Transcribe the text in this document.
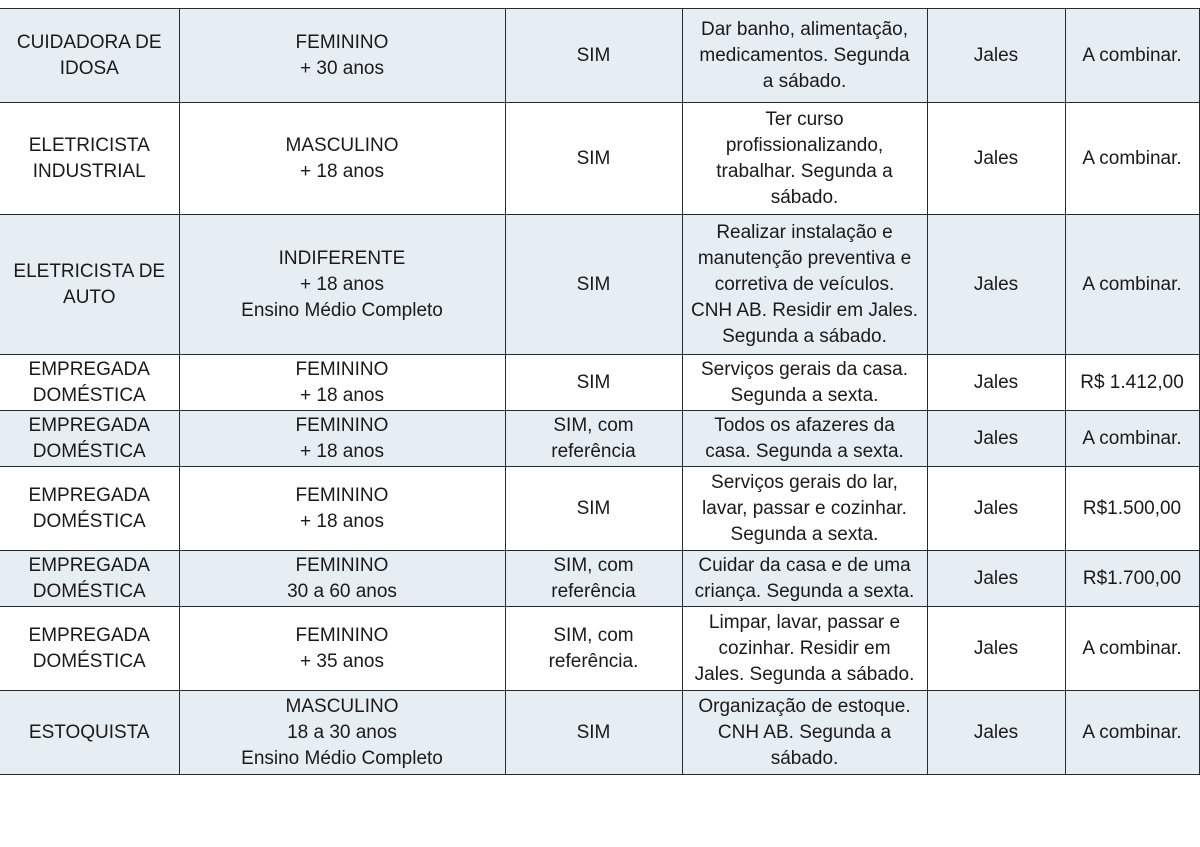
CUIDADORA DE
IDOSA	FEMININO
+ 30 anos	SIM	Dar banho, alimentação,
medicamentos. Segunda
a sábado.	Jales	A combinar.

ELETRICISTA
INDUSTRIAL	MASCULINO
+ 18 anos	SIM	Ter curso
profissionalizando,
trabalhar. Segunda a
sábado.	Jales	A combinar.

ELETRICISTA DE
AUTO	INDIFERENTE
+ 18 anos
Ensino Médio Completo	SIM	Realizar instalação e
manutenção preventiva e
corretiva de veículos.
CNH AB. Residir em Jales.
Segunda a sábado.	Jales	A combinar.

EMPREGADA
DOMÉSTICA	FEMININO
+ 18 anos	SIM	Serviços gerais da casa.
Segunda a sexta.	Jales	R$ 1.412,00

EMPREGADA
DOMÉSTICA	FEMININO
+ 18 anos	SIM, com
referência	Todos os afazeres da
casa. Segunda a sexta.	Jales	A combinar.

EMPREGADA
DOMÉSTICA	FEMININO
+ 18 anos	SIM	Serviços gerais do lar,
lavar, passar e cozinhar.
Segunda a sexta.	Jales	R$1.500,00

EMPREGADA
DOMÉSTICA	FEMININO
30 a 60 anos	SIM, com
referência	Cuidar da casa e de uma
criança. Segunda a sexta.	Jales	R$1.700,00

EMPREGADA
DOMÉSTICA	FEMININO
+ 35 anos	SIM, com
referência.	Limpar, lavar, passar e
cozinhar. Residir em
Jales. Segunda a sábado.	Jales	A combinar.

ESTOQUISTA	MASCULINO
18 a 30 anos
Ensino Médio Completo	SIM	Organização de estoque.
CNH AB. Segunda a
sábado.	Jales	A combinar.
